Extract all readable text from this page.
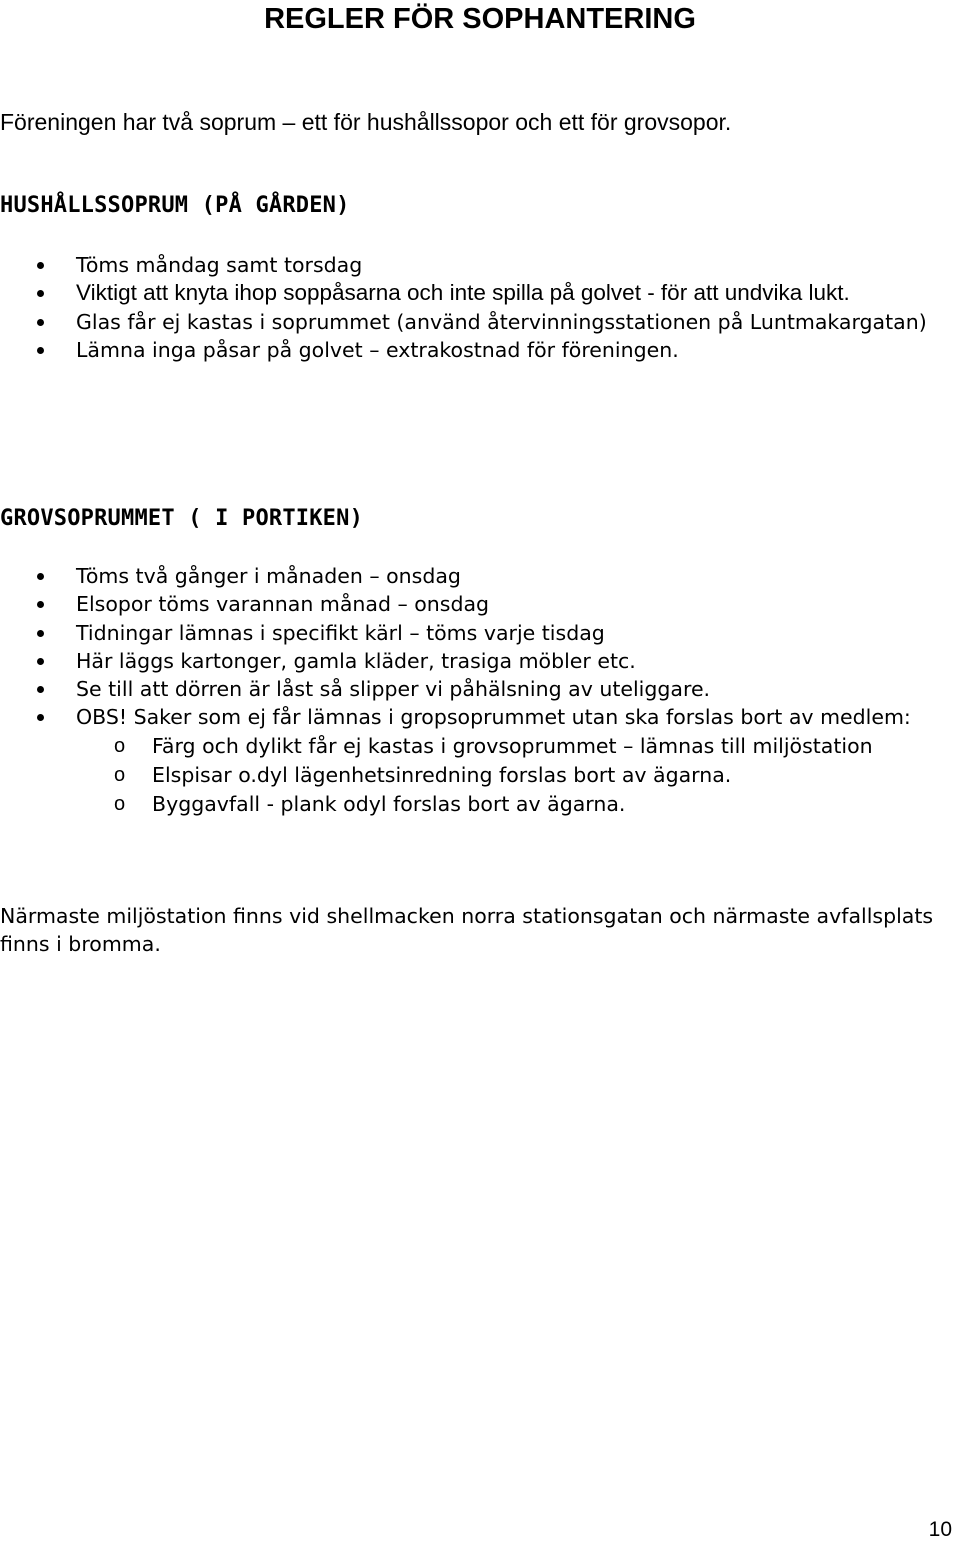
REGLER FÖR SOPHANTERING

Föreningen har två soprum – ett för hushållssopor och ett för grovsopor.

HUSHÅLLSSOPRUM (PÅ GÅRDEN)
Töms måndag samt torsdag
Viktigt att knyta ihop soppåsarna och inte spilla på golvet - för att undvika lukt.
Glas får ej kastas i soprummet (använd återvinningsstationen på Luntmakargatan)
Lämna inga påsar på golvet – extrakostnad för föreningen.
GROVSOPRUMMET ( I PORTIKEN)
Töms två gånger i månaden – onsdag
Elsopor töms varannan månad – onsdag
Tidningar lämnas i specifikt kärl – töms varje tisdag
Här läggs kartonger, gamla kläder, trasiga möbler etc.
Se till att dörren är låst så slipper vi påhälsning av uteliggare.
OBS! Saker som ej får lämnas i gropsoprummet utan ska forslas bort av medlem:
o Färg och dylikt får ej kastas i grovsoprummet – lämnas till miljöstation
o Elspisar o.dyl lägenhetsinredning forslas bort av ägarna.
o Byggavfall - plank odyl forslas bort av ägarna.

Närmaste miljöstation finns vid shellmacken norra stationsgatan och närmaste avfallsplats finns i bromma.

10
